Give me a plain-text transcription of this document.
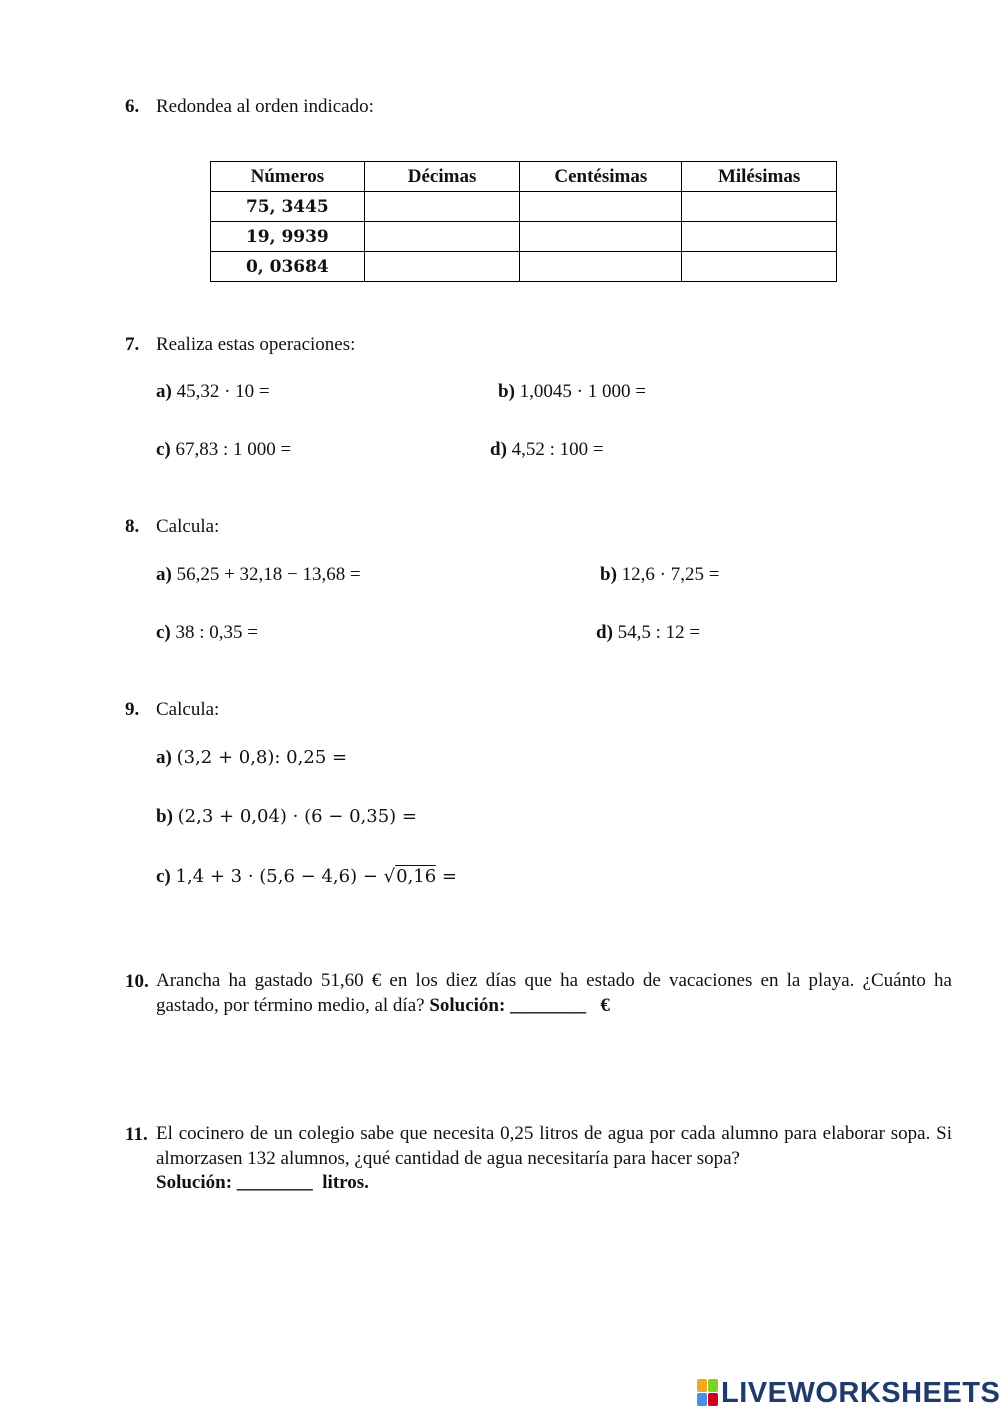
6. Redondea al orden indicado:
Números	Décimas	Centésimas	Milésimas
75, 3445			
19, 9939			
0, 03684			
7. Realiza estas operaciones:
a) 45,32 · 10 =	b) 1,0045 · 1 000 =
c) 67,83 : 1 000 =	d) 4,52 : 100 =
8. Calcula:
a) 56,25 + 32,18 − 13,68 =	b) 12,6 · 7,25 =
c) 38 : 0,35 =	d) 54,5 : 12 =
9. Calcula:
a) (3,2 + 0,8): 0,25 =
b) (2,3 + 0,04) · (6 − 0,35) =
c) 1,4 + 3 · (5,6 − 4,6) − √0,16 =
10. Arancha ha gastado 51,60 € en los diez días que ha estado de vacaciones en la playa. ¿Cuánto ha gastado, por término medio, al día? Solución: ________ €
11. El cocinero de un colegio sabe que necesita 0,25 litros de agua por cada alumno para elaborar sopa. Si almorzasen 132 alumnos, ¿qué cantidad de agua necesitaría para hacer sopa?
Solución: ________ litros.
LIVEWORKSHEETS
